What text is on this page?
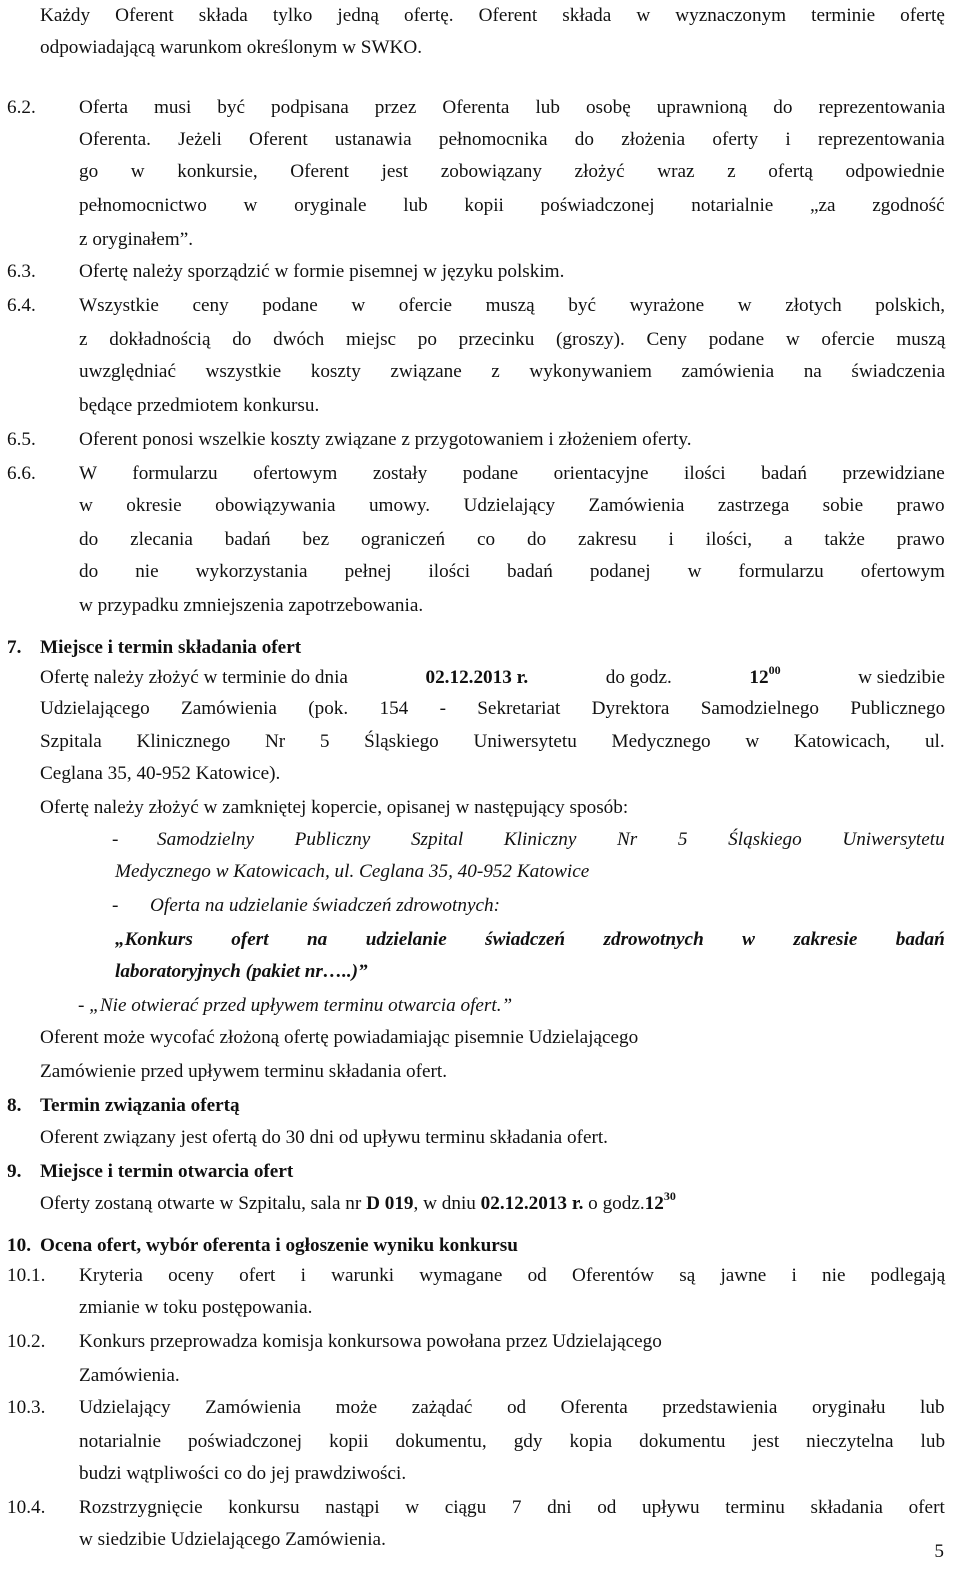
Każdy Oferent składa tylko jedną ofertę. Oferent składa w wyznaczonym terminie ofertę
odpowiadającą warunkom określonym w SWKO.
6.2. Oferta musi być podpisana przez Oferenta lub osobę uprawnioną do reprezentowania
Oferenta. Jeżeli Oferent ustanawia pełnomocnika do złożenia oferty i reprezentowania
go w konkursie, Oferent jest zobowiązany złożyć wraz z ofertą odpowiednie
pełnomocnictwo w oryginale lub kopii poświadczonej notarialnie „za zgodność
z oryginałem”.
6.3. Ofertę należy sporządzić w formie pisemnej w języku polskim.
6.4. Wszystkie ceny podane w ofercie muszą być wyrażone w złotych polskich,
z dokładnością do dwóch miejsc po przecinku (groszy). Ceny podane w ofercie muszą
uwzględniać wszystkie koszty związane z wykonywaniem zamówienia na świadczenia
będące przedmiotem konkursu.
6.5. Oferent ponosi wszelkie koszty związane z przygotowaniem i złożeniem oferty.
6.6. W formularzu ofertowym zostały podane orientacyjne ilości badań przewidziane
w okresie obowiązywania umowy. Udzielający Zamówienia zastrzega sobie prawo
do zlecania badań bez ograniczeń co do zakresu i ilości, a także prawo
do nie wykorzystania pełnej ilości badań podanej w formularzu ofertowym
w przypadku zmniejszenia zapotrzebowania.
7. Miejsce i termin składania ofert
Ofertę należy złożyć w terminie do dnia	02.12.2013 r.	do godz.	$12^{00}$	w siedzibie
Udzielającego Zamówienia (pok. 154 - Sekretariat Dyrektora Samodzielnego Publicznego
Szpitala Klinicznego Nr 5 Śląskiego Uniwersytetu Medycznego w Katowicach, ul.
Ceglana 35, 40-952 Katowice).
Ofertę należy złożyć w zamkniętej kopercie, opisanej w następujący sposób:
- Samodzielny Publiczny Szpital Kliniczny Nr 5 Śląskiego Uniwersytetu
Medycznego w Katowicach, ul. Ceglana 35, 40-952 Katowice
- Oferta na udzielanie świadczeń zdrowotnych:
„Konkurs ofert na udzielanie świadczeń zdrowotnych w zakresie badań
laboratoryjnych (pakiet nr…..)”
- „Nie otwierać przed upływem terminu otwarcia ofert.”
Oferent może wycofać złożoną ofertę powiadamiając pisemnie Udzielającego
Zamówienie przed upływem terminu składania ofert.
8. Termin związania ofertą
Oferent związany jest ofertą do 30 dni od upływu terminu składania ofert.
9. Miejsce i termin otwarcia ofert
Oferty zostaną otwarte w Szpitalu, sala nr D 019, w dniu 02.12.2013 r. o $godz.12^{30}$
10. Ocena ofert, wybór oferenta i ogłoszenie wyniku konkursu
10.1. Kryteria oceny ofert i warunki wymagane od Oferentów są jawne i nie podlegają
zmianie w toku postępowania.
10.2. Konkurs przeprowadza komisja konkursowa powołana przez Udzielającego
Zamówienia.
10.3. Udzielający Zamówienia może zażądać od Oferenta przedstawienia oryginału lub
notarialnie poświadczonej kopii dokumentu, gdy kopia dokumentu jest nieczytelna lub
budzi wątpliwości co do jej prawdziwości.
10.4. Rozstrzygnięcie konkursu nastąpi w ciągu 7 dni od upływu terminu składania ofert
w siedzibie Udzielającego Zamówienia.
5
